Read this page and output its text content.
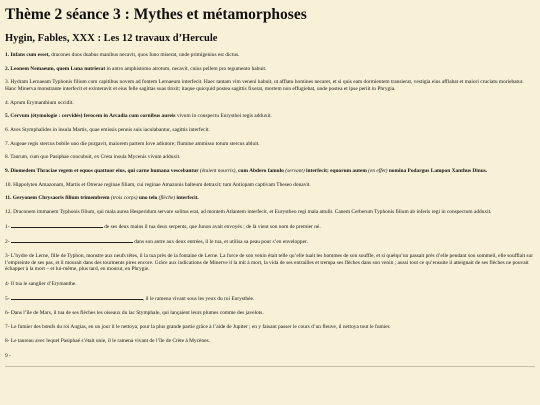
Thème 2 séance 3 : Mythes et métamorphoses
Hygin, Fables, XXX : Les 12 travaux d’Hercule

1. Infans cum esset, dracones duos duabus manibus necavit, quos Iuno miserat, unde primigenius est dictus.

2. Leonem Nemaeum, quem Luna nutrierat in antro amphistomo atrotum, necavit, cuius pellem pro tegumento habuit.

3. Hydram Lernaeam Typhonis filium cum capitibus novem ad fontem Lernaeum interfecit. Haec tantam vim veneni habuit, ut afflatu homines necaret, et si quis eam dormientem transierat, vestigia eius afflabat et maiori cruciatu moriebatur. Hanc Minerva monstrante interfecit et exinteravit et eius felle sagittas suas tinxit; itaque quicquid postea sagittis fixerat, mortem non effugiebat, unde postea et ipse periit in Phrygia.

4. Aprum Erymanthium occidit.

5. Cervum (étymologie : cervidés) ferocem in Arcadia cum cornibus aureis vivum in conspectu Eurysthei regis adduxit.

6. Aves Stymphalides in insula Martis, quae emissis pennis suis iaculabantur, sagittis interfecit.

7. Augeae regis stercus bobile uno die purgavit, maiorem partem Iove adiutore; flumine ammisso totum stercus abluit.

8. Taurum, cum quo Pasiphae concubuit, ex Creta insula Mycenis vivum adduxit.

9. Diomedem Thraciae regem et equos quattuor eius, qui carne humana vescebantur (étaient nourris), cum Abdero famulo (servant) interfecit; equorum autem (en effet) nomina Podargus Lampon Xanthus Dinus.

10. Hippolyten Amazonam, Martis et Otrerae reginae filiam, cui reginae Amazonis balteum detraxit; tum Antiopam captivam Theseo donavit.

11. Geryonem Chrysaoris filium trimembrem (trois corps) uno telo (flèche) interfecit.

12. Draconem immanem Typhonis filium, qui mala aurea Hesperidum servare solitus erat, ad montem Atlantem interfecit, et Eurystheo regi mala attulit. Canem Cerberum Typhonis filium ab inferis regi in conspectum adduxit.

1-	de ses deux mains il tua deux serpents, que Junon avait envoyés ; de là vient son nom de premier né.

2-	dans son antre aux deux entrées, il le tua, et utilisa sa peau pour s’en envelopper.

3- L’hydre de Lerne, fille de Typhon, monstre aux neufs têtes, il la tua près de la fontaine de Lerne. La force de son venin était telle qu’elle tuait les hommes de son souffle, et si quelqu’un passait près d’elle pendant son sommeil, elle soufflait sur l’empreinte de ses pas, et il mourait dans des tourments pires encore. Grâce aux indications de Minerve il la mit à mort, la vida de ses entrailles et trempa ses flèches dans son venin ; aussi tout ce qu’ensuite il atteignait de ses flèches ne pouvait échapper à la mort – et lui-même, plus tard, en mourut, en Phrygie.

4- Il tua le sanglier d’Erymanthe.

5-	, il le ramena vivant sous les yeux du roi Eurysthée.

6- Dans l’île de Mars, il tua de ses flèches les oiseaux du lac Stymphale, qui lançaient leurs plumes comme des javelots.

7- Le fumier des bœufs du roi Augias, en un jour il le nettoya, pour la plus grande partie grâce à l’aide de Jupiter ; en y faisant passer le cours d’un fleuve, il nettoya tout le fumier.

8- Le taureau avec lequel Pasiphaé s’était unie, il le ramena vivant de l’île de Crète à Mycènes.

9 -
